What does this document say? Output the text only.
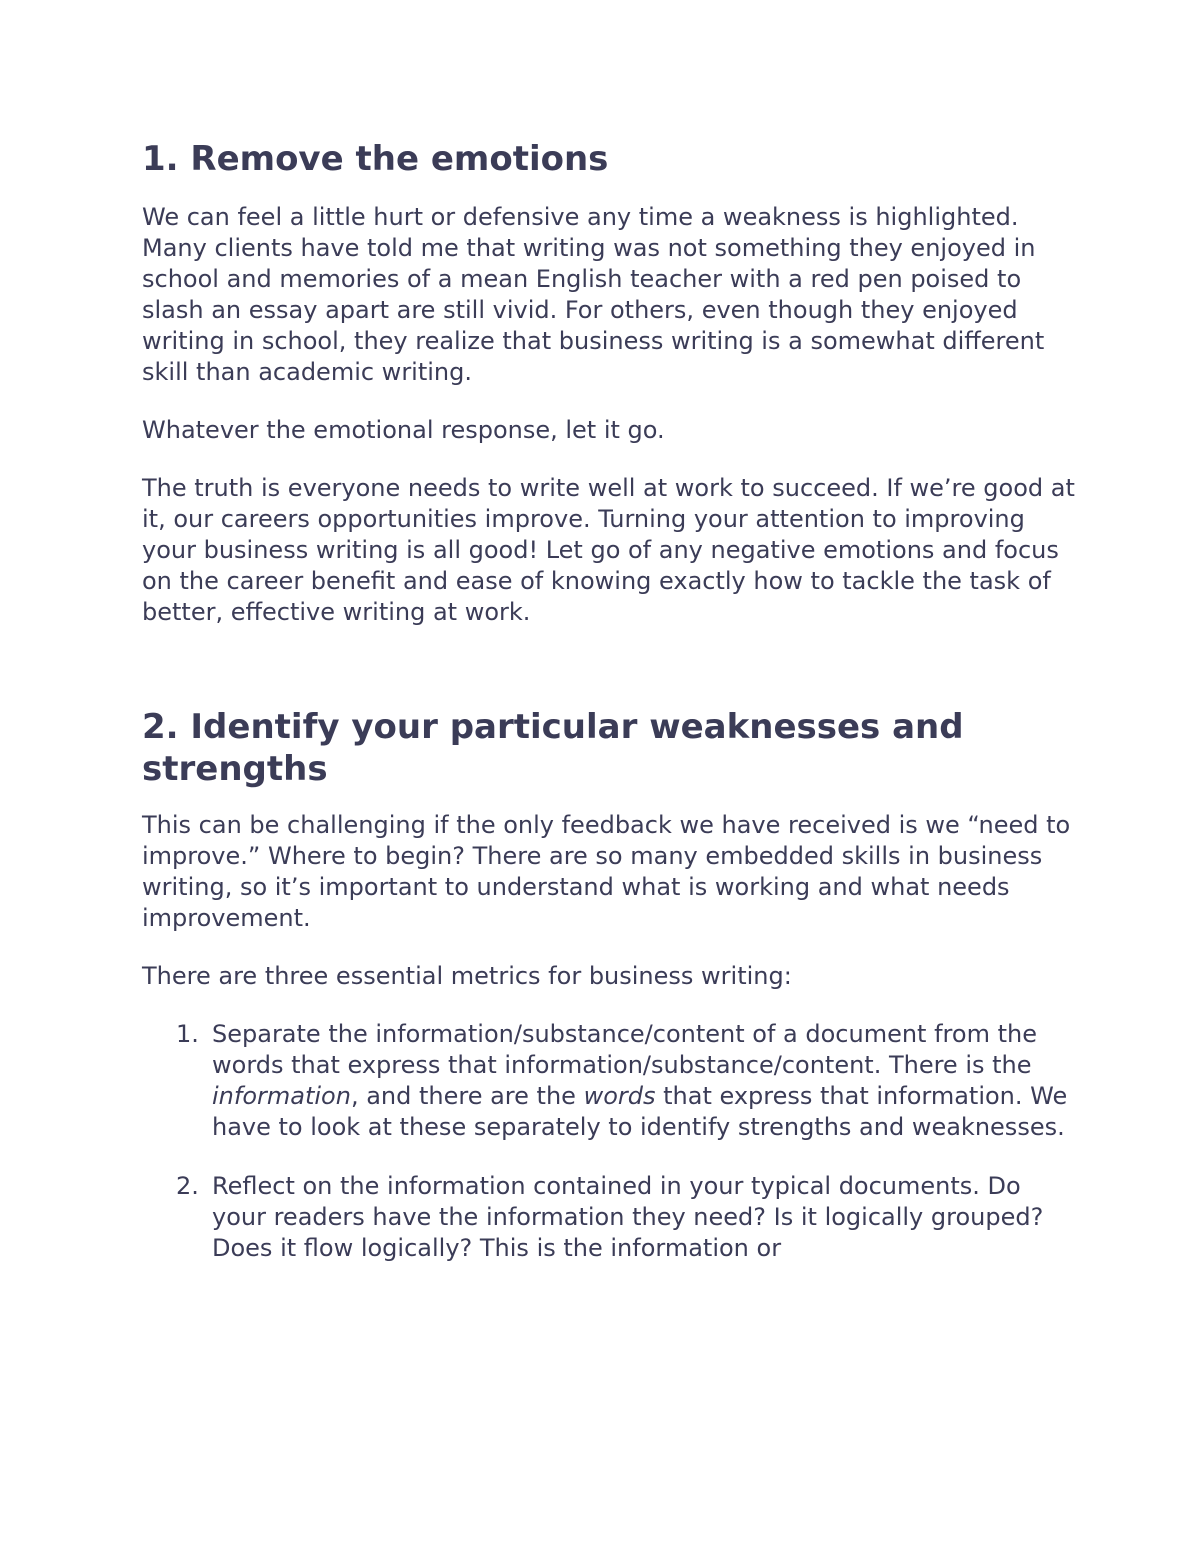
1. Remove the emotions

We can feel a little hurt or defensive any time a weakness is highlighted. Many clients have told me that writing was not something they enjoyed in school and memories of a mean English teacher with a red pen poised to slash an essay apart are still vivid. For others, even though they enjoyed writing in school, they realize that business writing is a somewhat different skill than academic writing.

Whatever the emotional response, let it go.

The truth is everyone needs to write well at work to succeed. If we’re good at it, our careers opportunities improve. Turning your attention to improving your business writing is all good! Let go of any negative emotions and focus on the career benefit and ease of knowing exactly how to tackle the task of better, effective writing at work.

2. Identify your particular weaknesses and strengths

This can be challenging if the only feedback we have received is we “need to improve.” Where to begin? There are so many embedded skills in business writing, so it’s important to understand what is working and what needs improvement.

There are three essential metrics for business writing:

1. Separate the information/substance/content of a document from the words that express that information/substance/content. There is the information, and there are the words that express that information. We have to look at these separately to identify strengths and weaknesses.
2. Reflect on the information contained in your typical documents. Do your readers have the information they need? Is it logically grouped? Does it flow logically? This is the information or
